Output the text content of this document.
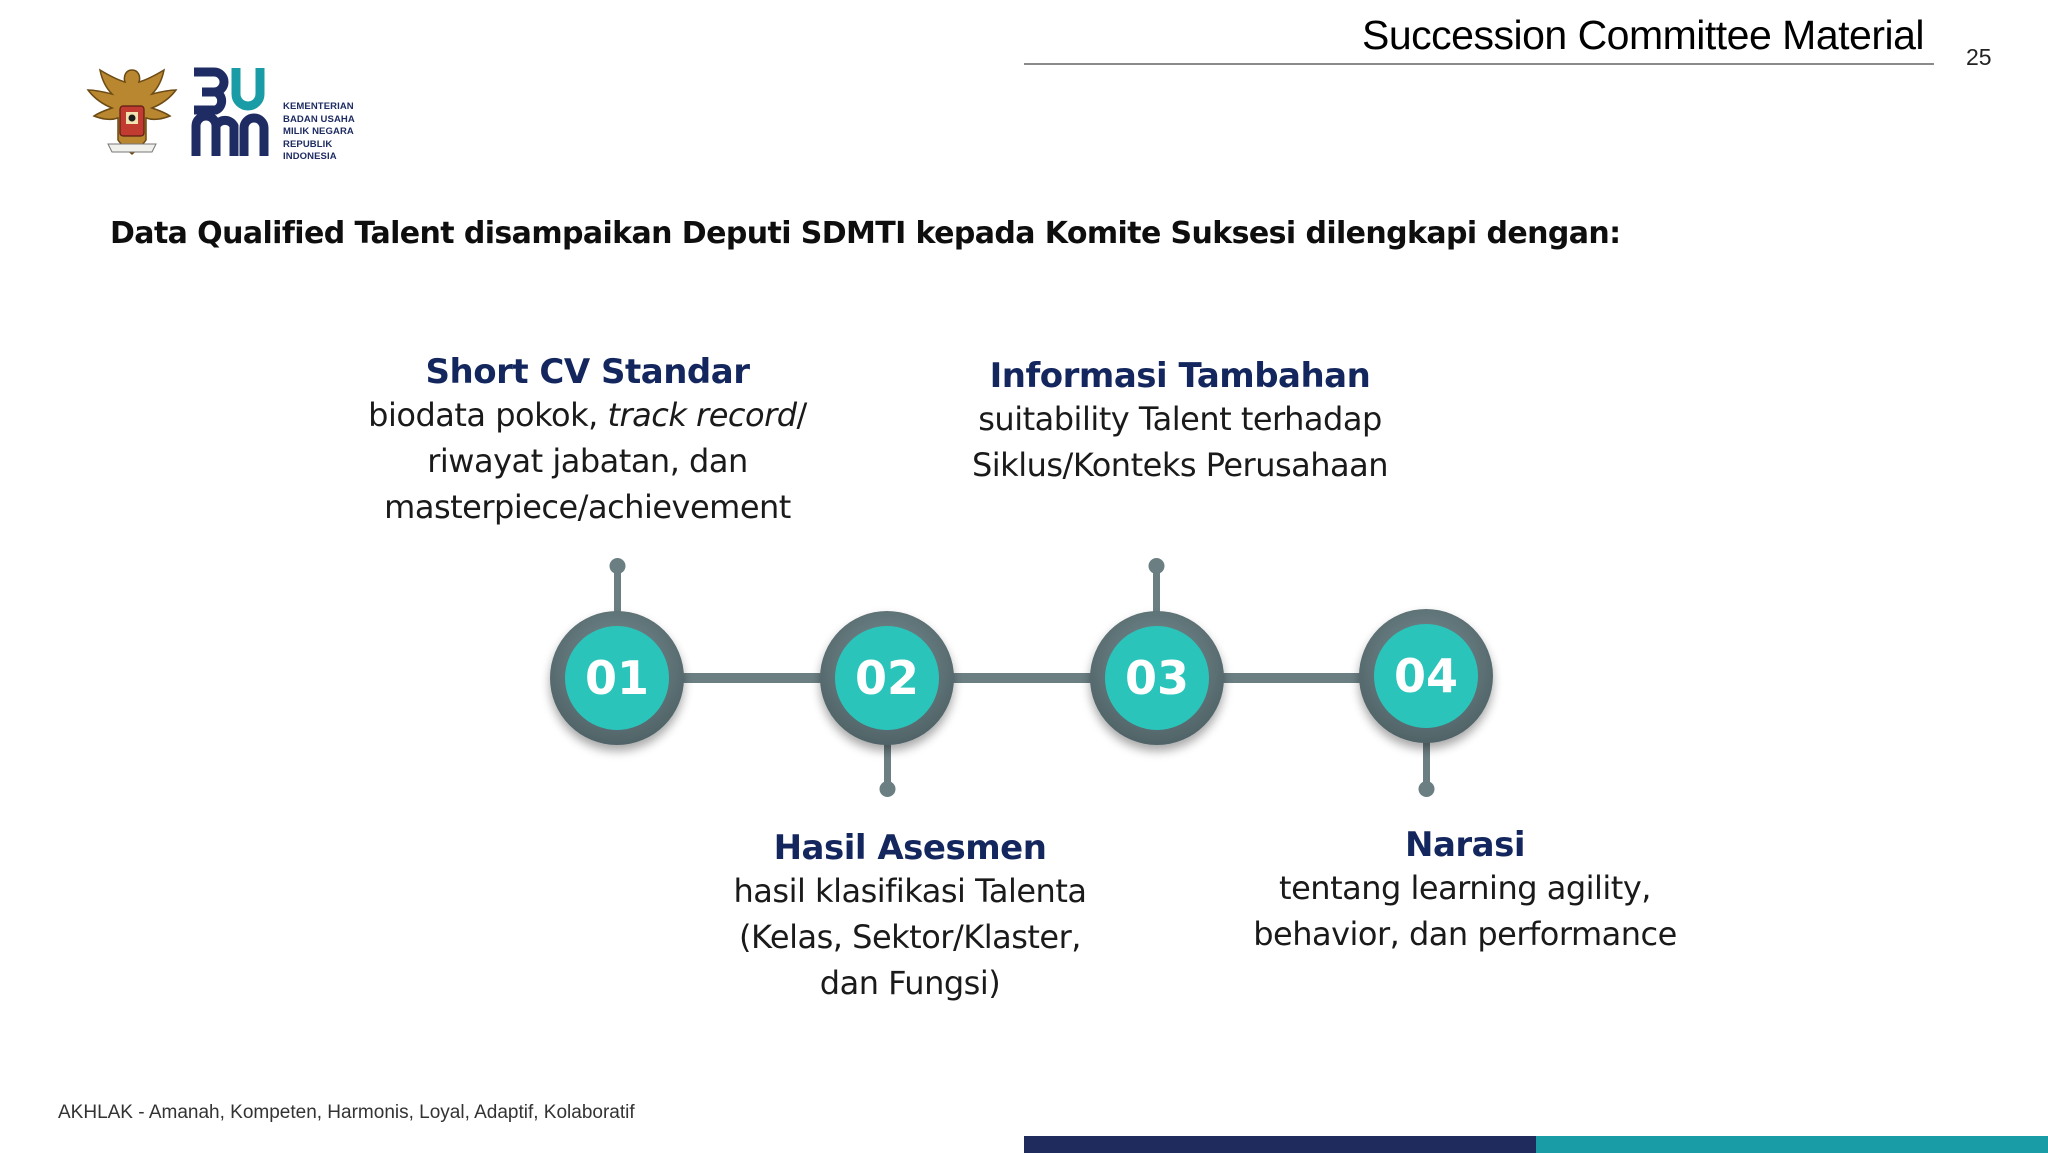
Succession Committee Material 25
KEMENTERIAN
BADAN USAHA
MILIK NEGARA
REPUBLIK
INDONESIA
Data Qualified Talent disampaikan Deputi SDMTI kepada Komite Suksesi dilengkapi dengan:
01	02	03	04
Short CV Standar
biodata pokok, track record/
riwayat jabatan, dan
masterpiece/achievement
Hasil Asesmen
hasil klasifikasi Talenta
(Kelas, Sektor/Klaster,
dan Fungsi)
Informasi Tambahan
suitability Talent terhadap
Siklus/Konteks Perusahaan
Narasi
tentang learning agility,
behavior, dan performance
AKHLAK - Amanah, Kompeten, Harmonis, Loyal, Adaptif, Kolaboratif
